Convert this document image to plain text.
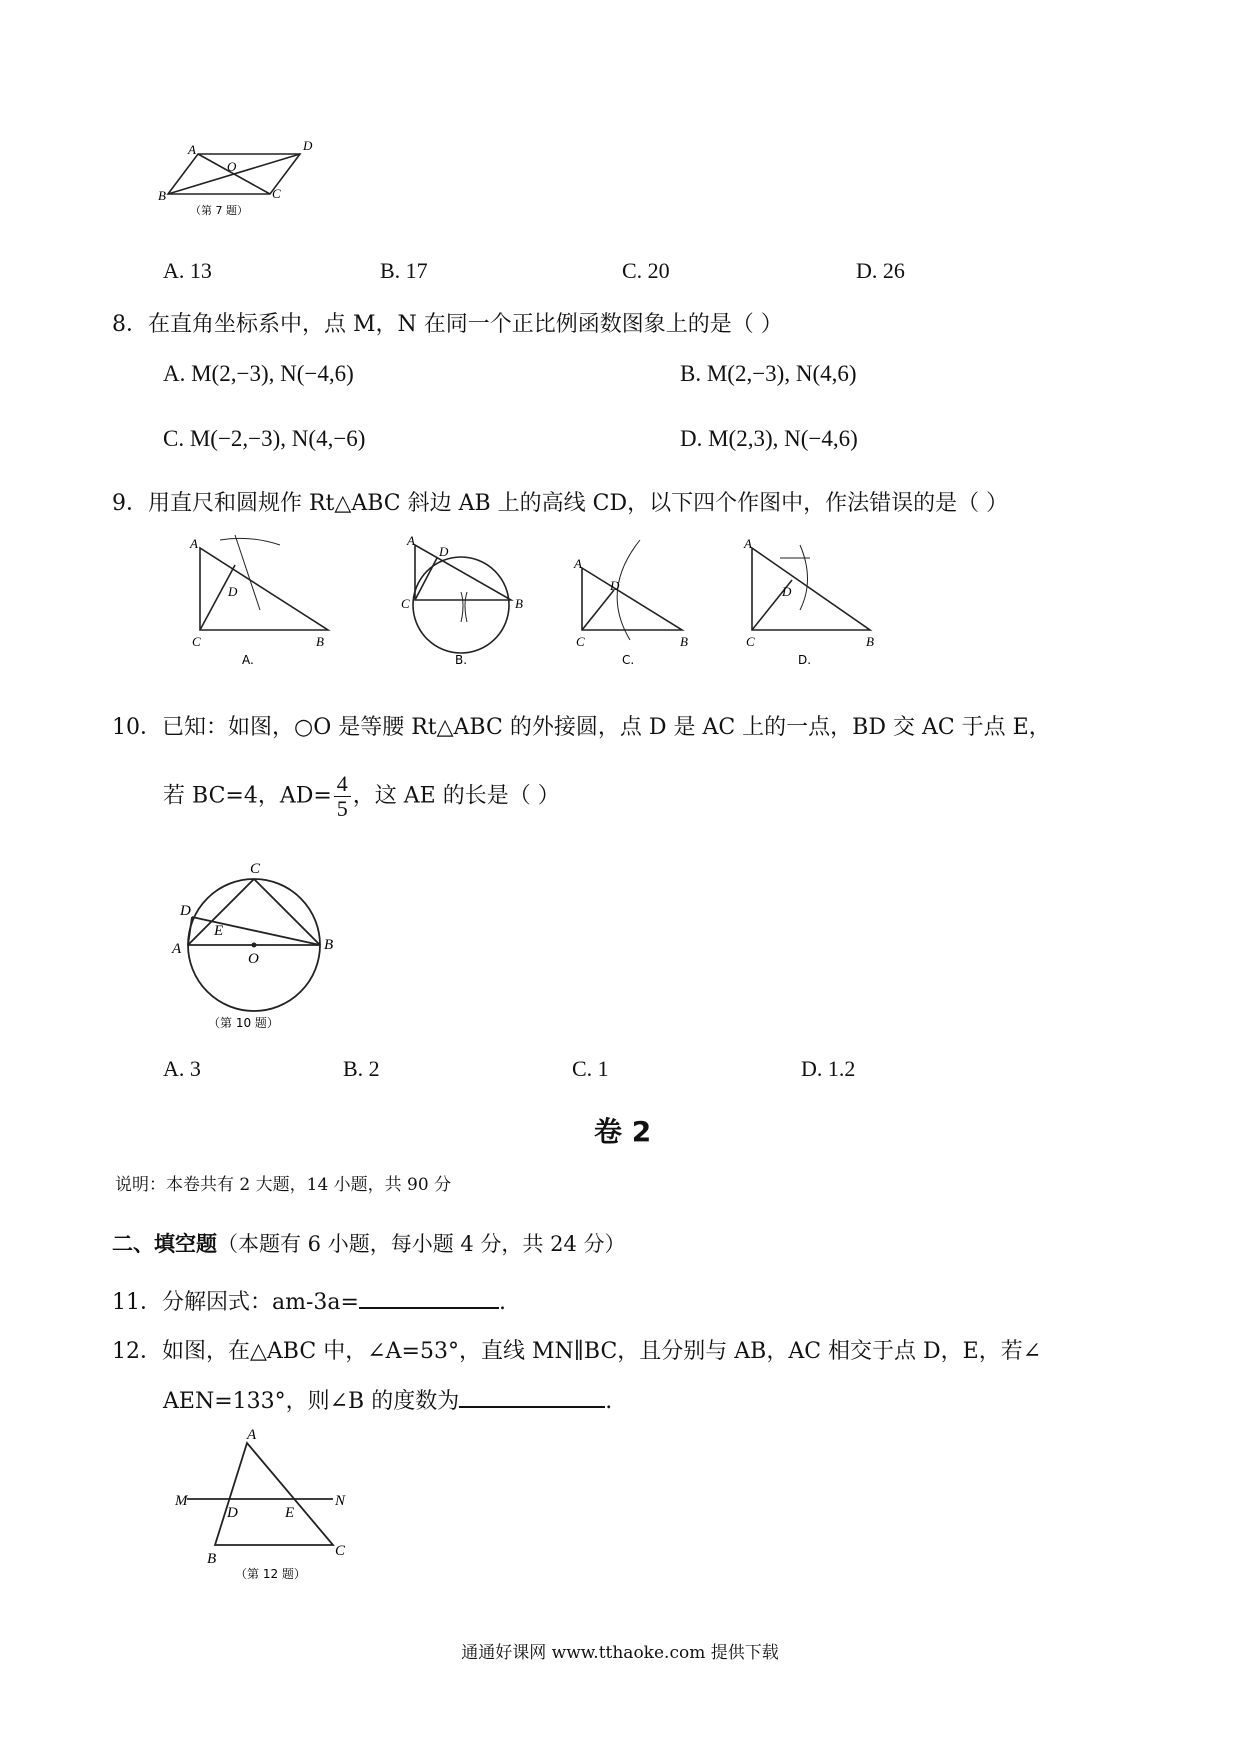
A	D
O
B	C
（第 7 题）
A. 13	B. 17	C. 20	D. 26
8．在直角坐标系中，点 M，N 在同一个正比例函数图象上的是（ ）
A. M(2,−3), N(−4,6)	B. M(2,−3), N(4,6)
C. M(−2,−3), N(4,−6)	D. M(2,3), N(−4,6)
9．用直尺和圆规作 Rt△ABC 斜边 AB 上的高线 CD，以下四个作图中，作法错误的是（ ）
A
D
C	B
A.
A
D
C	B
B.
A
D
C	B
C.
A
D
C	B
D.
10．已知：如图，○O 是等腰 Rt△ABC 的外接圆，点 D 是 AC 上的一点，BD 交 AC 于点 E，
若 BC=4，$AD= \frac{4}{5}$ ，这 AE 的长是（ ）
C
D
E
A
O
B
（第 10 题）
A. 3	B. 2	C. 1	D. 1.2
卷 2
说明：本卷共有 2 大题，14 小题，共 90 分
二、填空题（本题有 6 小题，每小题 4 分，共 24 分）
11．分解因式：am-3a=	.
12．如图，在△ABC 中，∠A=53°，直线 MN∥BC，且分别与 AB，AC 相交于点 D，E，若∠
AEN=133°，则∠B 的度数为	.
A
M	N
D	E
B	C
（第 12 题）
通通好课网 www.tthaoke.com 提供下载
